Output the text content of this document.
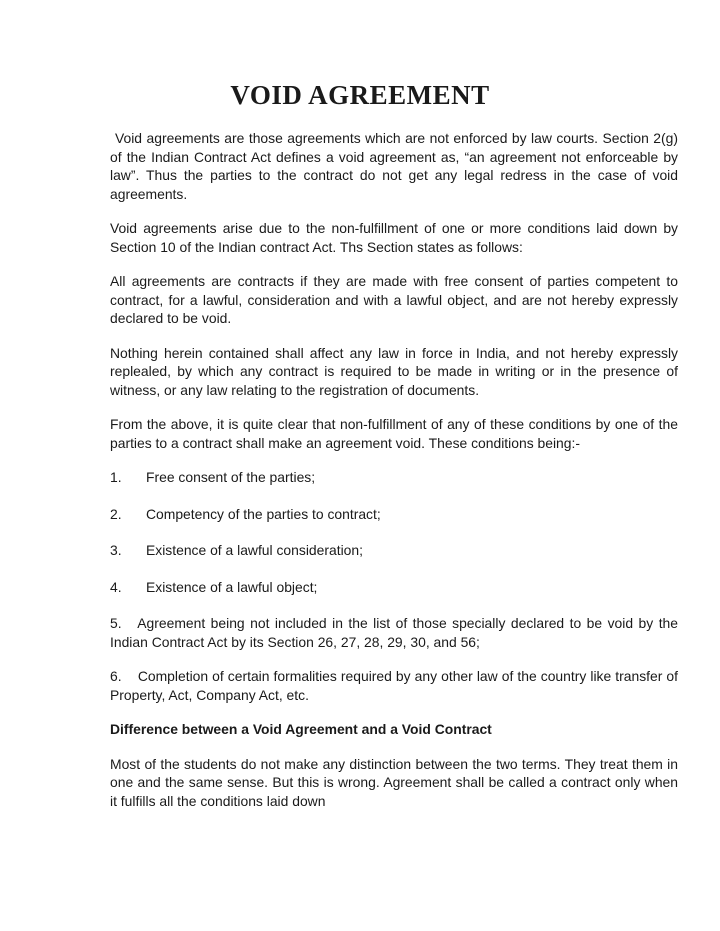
VOID AGREEMENT

Void agreements are those agreements which are not enforced by law courts. Section 2(g) of the Indian Contract Act defines a void agreement as, “an agreement not enforceable by law”. Thus the parties to the contract do not get any legal redress in the case of void agreements.

Void agreements arise due to the non-fulfillment of one or more conditions laid down by Section 10 of the Indian contract Act. Ths Section states as follows:

All agreements are contracts if they are made with free consent of parties competent to contract, for a lawful, consideration and with a lawful object, and are not hereby expressly declared to be void.

Nothing herein contained shall affect any law in force in India, and not hereby expressly replealed, by which any contract is required to be made in writing or in the presence of witness, or any law relating to the registration of documents.

From the above, it is quite clear that non-fulfillment of any of these conditions by one of the parties to a contract shall make an agreement void. These conditions being:-

1.	Free consent of the parties;
2.	Competency of the parties to contract;
3.	Existence of a lawful consideration;
4.	Existence of a lawful object;
5. Agreement being not included in the list of those specially declared to be void by the Indian Contract Act by its Section 26, 27, 28, 29, 30, and 56;
6. Completion of certain formalities required by any other law of the country like transfer of Property, Act, Company Act, etc.
Difference between a Void Agreement and a Void Contract

Most of the students do not make any distinction between the two terms. They treat them in one and the same sense. But this is wrong. Agreement shall be called a contract only when it fulfills all the conditions laid down
